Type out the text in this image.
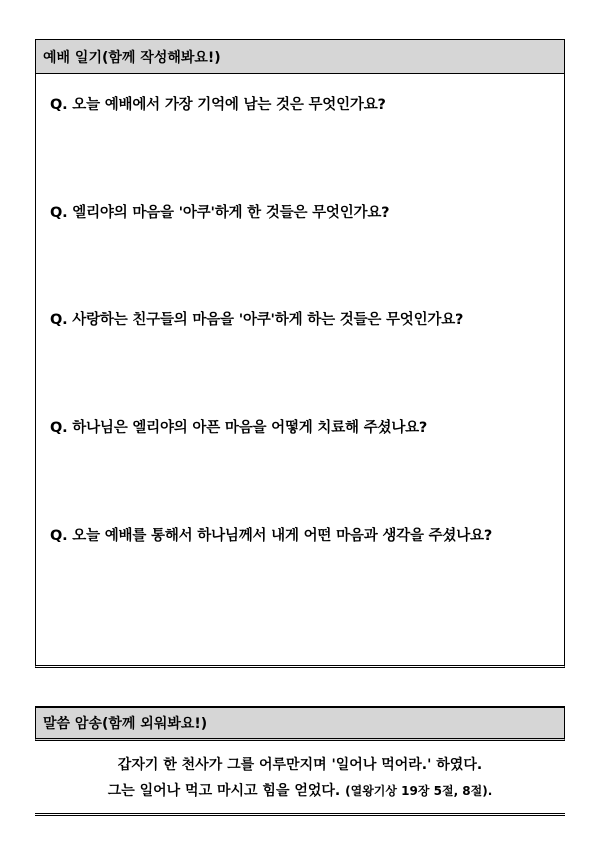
예배 일기(함께 작성해봐요!)
Q. 오늘 예배에서 가장 기억에 남는 것은 무엇인가요?
Q. 엘리야의 마음을 '아쿠'하게 한 것들은 무엇인가요?
Q. 사랑하는 친구들의 마음을 '아쿠'하게 하는 것들은 무엇인가요?
Q. 하나님은 엘리야의 아픈 마음을 어떻게 치료해 주셨나요?
Q. 오늘 예배를 통해서 하나님께서 내게 어떤 마음과 생각을 주셨나요?
말씀 암송(함께 외워봐요!)
갑자기 한 천사가 그를 어루만지며 '일어나 먹어라.' 하였다.
그는 일어나 먹고 마시고 힘을 얻었다. (열왕기상 19장 5절, 8절).
